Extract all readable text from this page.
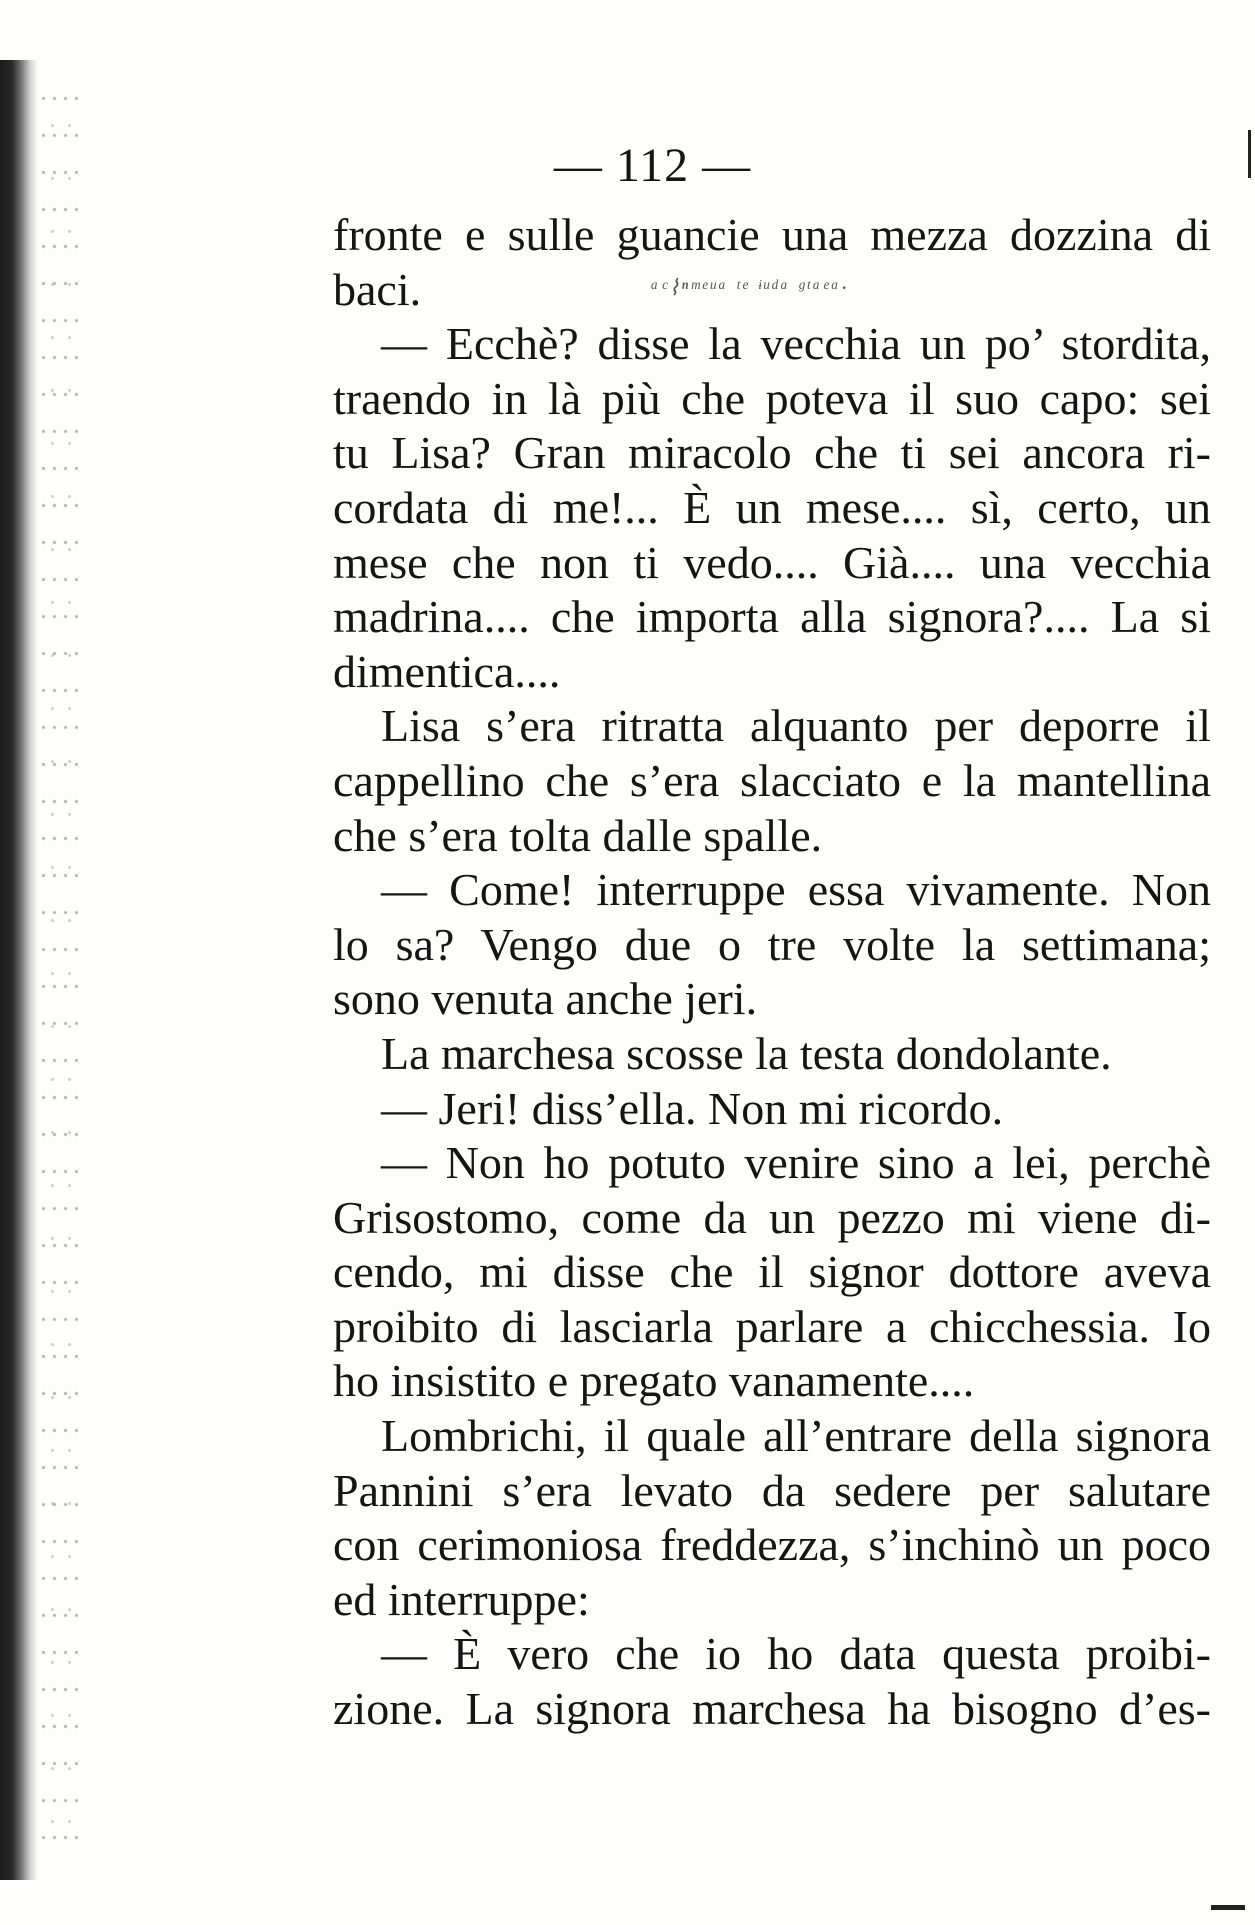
— 112 —
ᵃᶜ⌇ⁿᵐᵉᵘᵃ ᵗᵉ ᶤᵘᵈᵃ ᵍᵗᵃᵉᵃ·
fronte e sulle guancie una mezza dozzina di
baci.
— Ecchè? disse la vecchia un po’ stordita,
traendo in là più che poteva il suo capo: sei
tu Lisa? Gran miracolo che ti sei ancora ri-
cordata di me!... È un mese.... sì, certo, un
mese che non ti vedo.... Già.... una vecchia
madrina.... che importa alla signora?.... La si
dimentica....
Lisa s’era ritratta alquanto per deporre il
cappellino che s’era slacciato e la mantellina
che s’era tolta dalle spalle.
— Come! interruppe essa vivamente. Non
lo sa? Vengo due o tre volte la settimana;
sono venuta anche jeri.
La marchesa scosse la testa dondolante.
— Jeri! diss’ella. Non mi ricordo.
— Non ho potuto venire sino a lei, perchè
Grisostomo, come da un pezzo mi viene di-
cendo, mi disse che il signor dottore aveva
proibito di lasciarla parlare a chicchessia. Io
ho insistito e pregato vanamente....
Lombrichi, il quale all’entrare della signora
Pannini s’era levato da sedere per salutare
con cerimoniosa freddezza, s’inchinò un poco
ed interruppe:
— È vero che io ho data questa proibi-
zione. La signora marchesa ha bisogno d’es-
